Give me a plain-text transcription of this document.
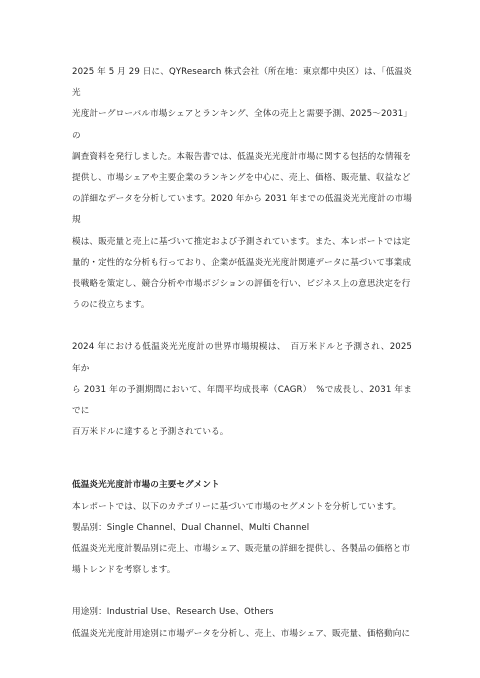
2025 年 5 月 29 日に、QYResearch 株式会社（所在地：東京都中央区）は、「低温炎光
光度計ーグローバル市場シェアとランキング、全体の売上と需要予測、2025～2031」の
調査資料を発行しました。本報告書では、低温炎光光度計市場に関する包括的な情報を
提供し、市場シェアや主要企業のランキングを中心に、売上、価格、販売量、収益など
の詳細なデータを分析しています。2020 年から 2031 年までの低温炎光光度計の市場規
模は、販売量と売上に基づいて推定および予測されています。また、本レポートでは定
量的・定性的な分析も行っており、企業が低温炎光光度計関連データに基づいて事業成
長戦略を策定し、競合分析や市場ポジションの評価を行い、ビジネス上の意思決定を行
うのに役立ちます。

2024 年における低温炎光光度計の世界市場規模は、　百万米ドルと予測され、2025 年か
ら 2031 年の予測期間において、年間平均成長率（CAGR）　%で成長し、2031 年までに
百万米ドルに達すると予測されている。

低温炎光光度計市場の主要セグメント

本レポートでは、以下のカテゴリーに基づいて市場のセグメントを分析しています。

製品別：Single Channel、Dual Channel、Multi Channel

低温炎光光度計製品別に売上、市場シェア、販売量の詳細を提供し、各製品の価格と市
場トレンドを考察します。

用途別：Industrial Use、Research Use、Others

低温炎光光度計用途別に市場データを分析し、売上、市場シェア、販売量、価格動向に
